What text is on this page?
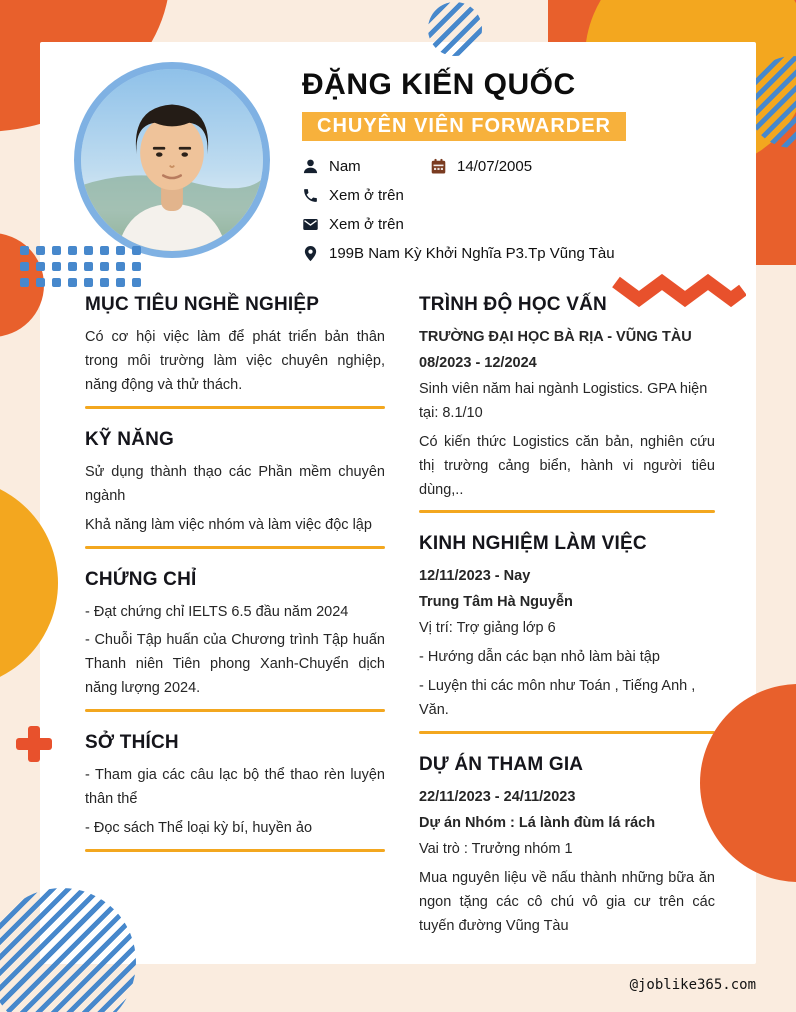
ĐẶNG KIẾN QUỐC
CHUYÊN VIÊN FORWARDER
Nam	14/07/2005
Xem ở trên
Xem ở trên
199B Nam Kỳ Khởi Nghĩa P3.Tp Vũng Tàu
MỤC TIÊU NGHỀ NGHIỆP

Có cơ hội việc làm để phát triển bản thân trong môi trường làm việc chuyên nghiệp, năng động và thử thách.

KỸ NĂNG

Sử dụng thành thạo các Phần mềm chuyên ngành

Khả năng làm việc nhóm và làm việc độc lập

CHỨNG CHỈ

- Đạt chứng chỉ IELTS 6.5 đầu năm 2024

- Chuỗi Tập huấn của Chương trình Tập huấn Thanh niên Tiên phong Xanh-Chuyển dịch năng lượng 2024.

SỞ THÍCH

- Tham gia các câu lạc bộ thể thao rèn luyện thân thể

- Đọc sách Thể loại kỳ bí, huyền ảo

TRÌNH ĐỘ HỌC VẤN

TRƯỜNG ĐẠI HỌC BÀ RỊA - VŨNG TÀU

08/2023 - 12/2024

Sinh viên năm hai ngành Logistics. GPA hiện tại: 8.1/10

Có kiến thức Logistics căn bản, nghiên cứu thị trường cảng biển, hành vi người tiêu dùng,..

KINH NGHIỆM LÀM VIỆC

12/11/2023 - Nay

Trung Tâm Hà Nguyễn

Vị trí: Trợ giảng lớp 6

- Hướng dẫn các bạn nhỏ làm bài tập

- Luyện thi các môn như Toán , Tiếng Anh , Văn.

DỰ ÁN THAM GIA

22/11/2023 - 24/11/2023

Dự án Nhóm : Lá lành đùm lá rách

Vai trò : Trưởng nhóm 1

Mua nguyên liệu về nấu thành những bữa ăn ngon tặng các cô chú vô gia cư trên các tuyến đường Vũng Tàu

@joblike365.com
